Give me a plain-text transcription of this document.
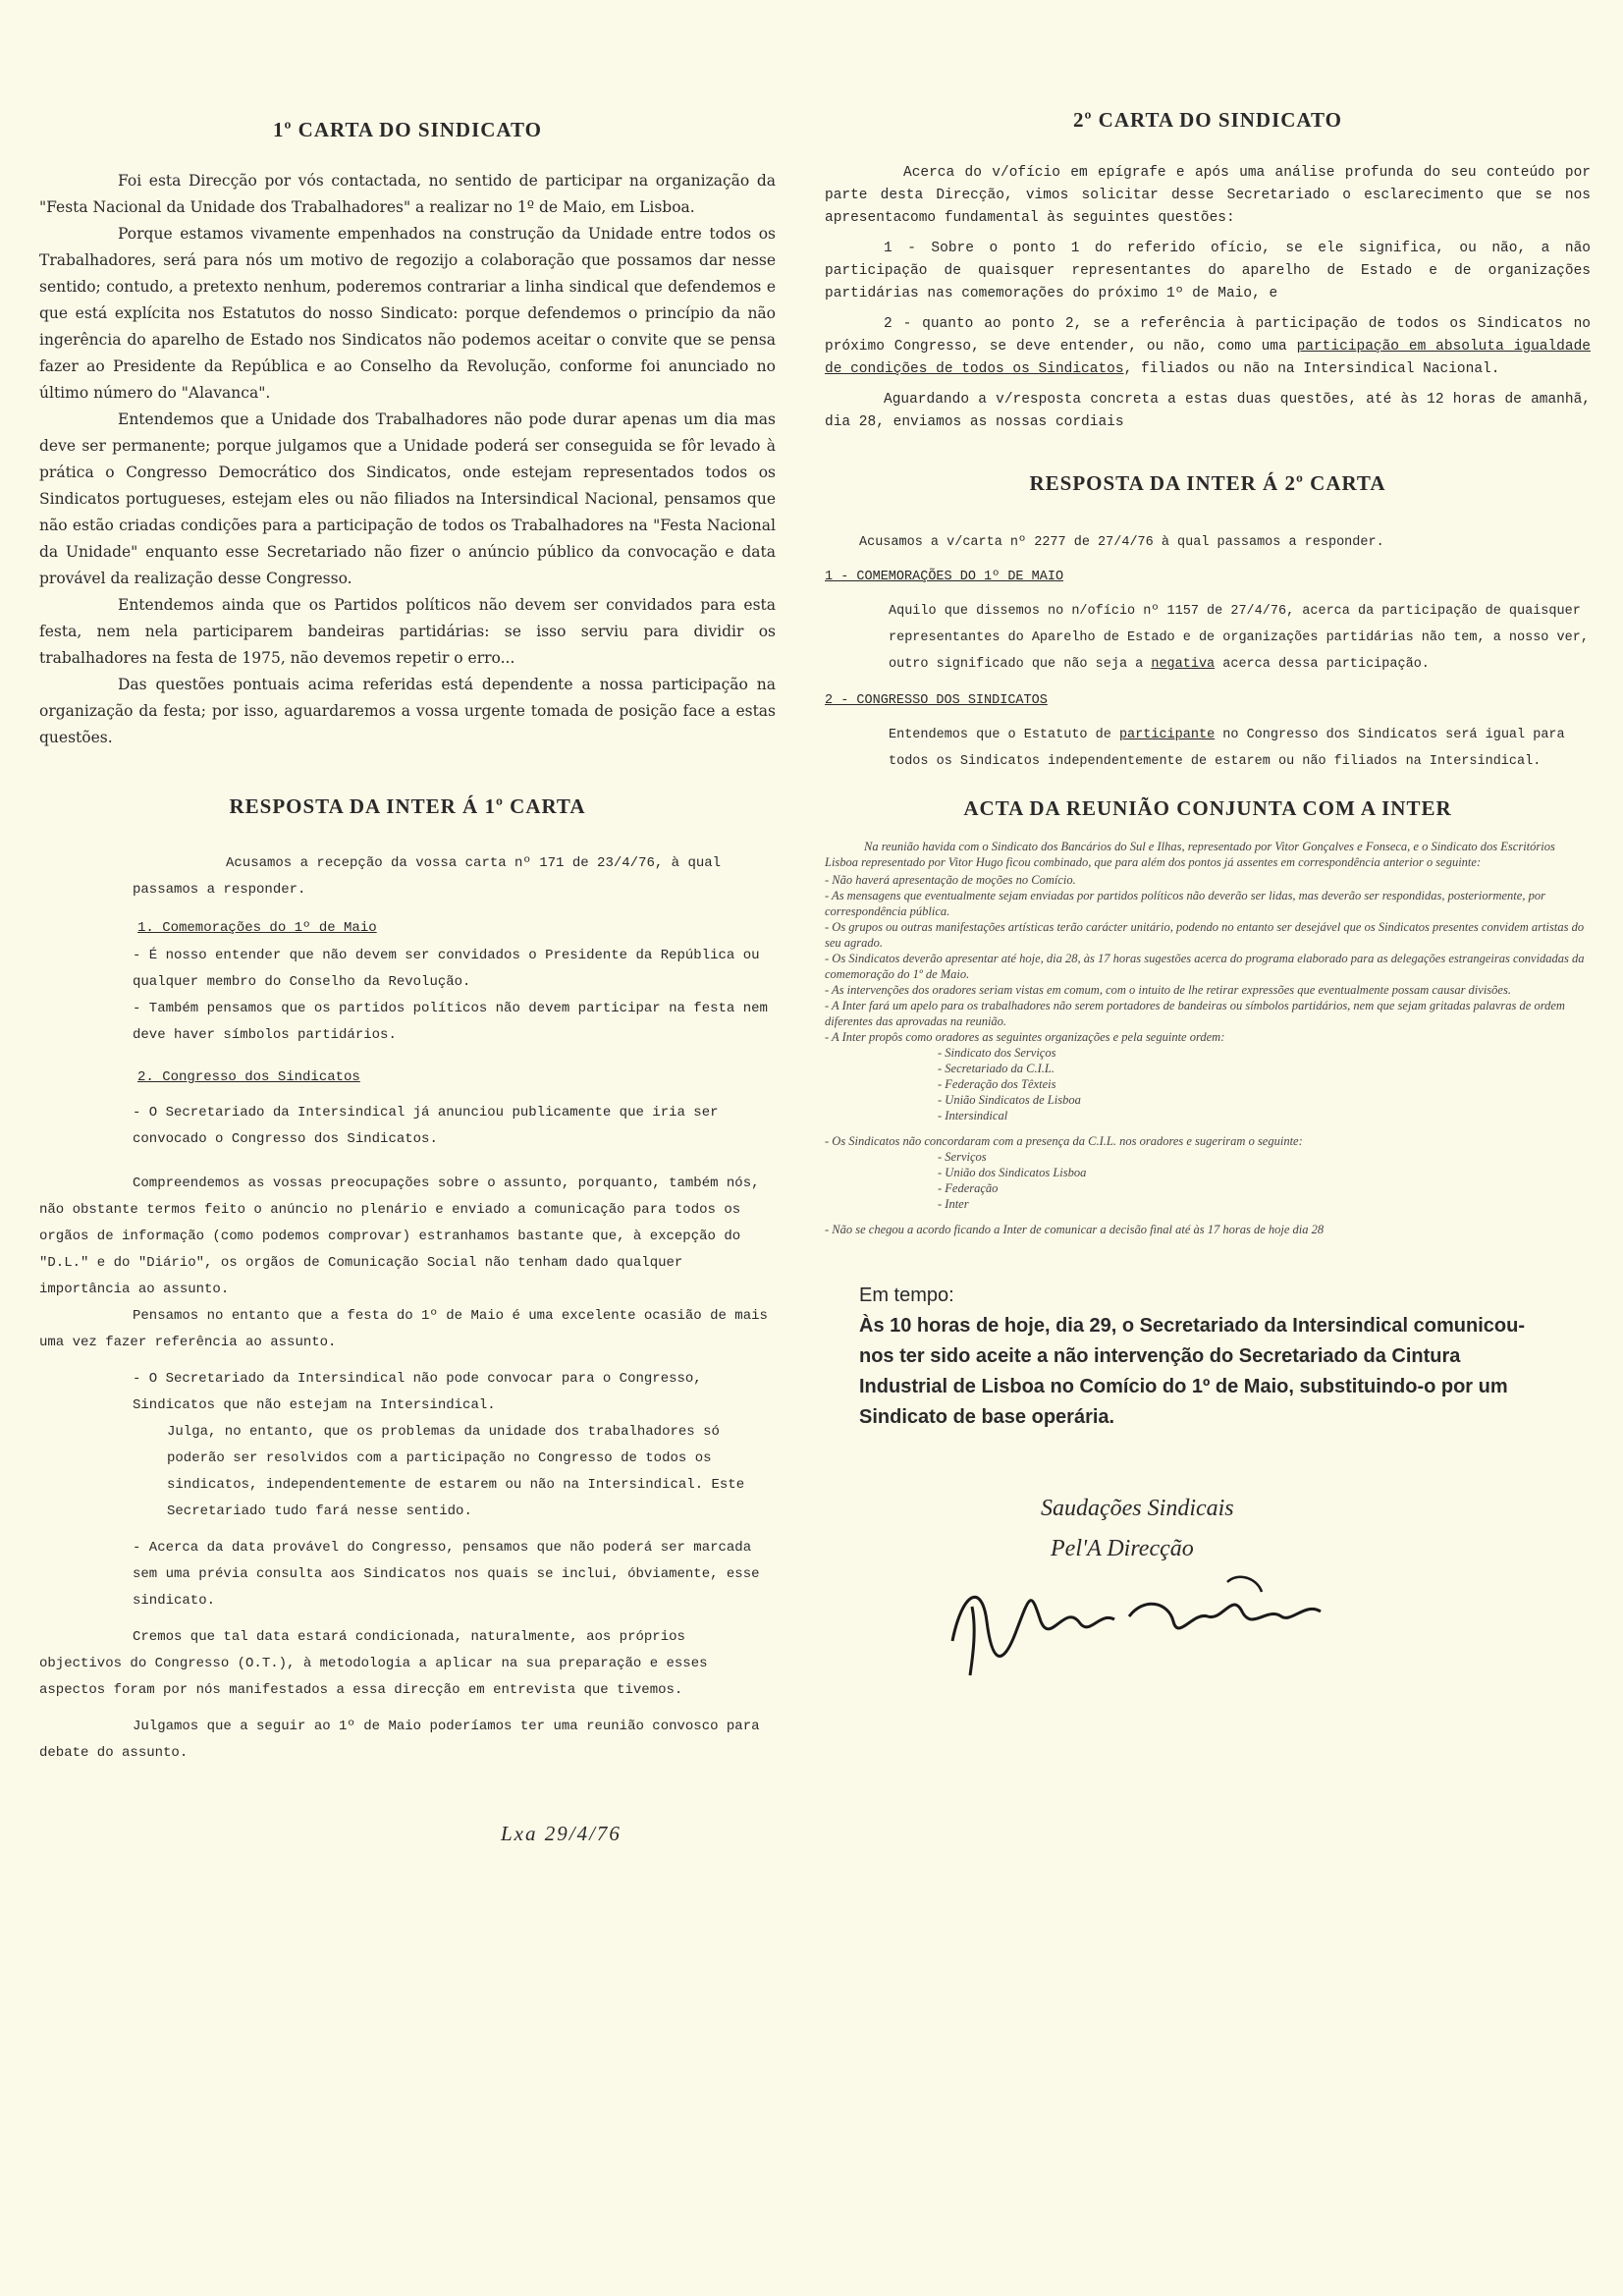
1º CARTA DO SINDICATO

Foi esta Direcção por vós contactada, no sentido de participar na organização da "Festa Nacional da Unidade dos Trabalhadores" a realizar no 1º de Maio, em Lisboa.

Porque estamos vivamente empenhados na construção da Unidade entre todos os Trabalhadores, será para nós um motivo de regozijo a colaboração que possamos dar nesse sentido; contudo, a pretexto nenhum, poderemos contrariar a linha sindical que defendemos e que está explícita nos Estatutos do nosso Sindicato: porque defendemos o princípio da não ingerência do aparelho de Estado nos Sindicatos não podemos aceitar o convite que se pensa fazer ao Presidente da República e ao Conselho da Revolução, conforme foi anunciado no último número do "Alavanca".

Entendemos que a Unidade dos Trabalhadores não pode durar apenas um dia mas deve ser permanente; porque julgamos que a Unidade poderá ser conseguida se fôr levado à prática o Congresso Democrático dos Sindicatos, onde estejam representados todos os Sindicatos portugueses, estejam eles ou não filiados na Intersindical Nacional, pensamos que não estão criadas condições para a participação de todos os Trabalhadores na "Festa Nacional da Unidade" enquanto esse Secretariado não fizer o anúncio público da convocação e data provável da realização desse Congresso.

Entendemos ainda que os Partidos políticos não devem ser convidados para esta festa, nem nela participarem bandeiras partidárias: se isso serviu para dividir os trabalhadores na festa de 1975, não devemos repetir o erro...

Das questões pontuais acima referidas está dependente a nossa participação na organização da festa; por isso, aguardaremos a vossa urgente tomada de posição face a estas questões.

RESPOSTA DA INTER Á 1º CARTA

Acusamos a recepção da vossa carta nº 171 de 23/4/76, à qual passamos a responder.

1. Comemorações do 1º de Maio

- É nosso entender que não devem ser convidados o Presidente da República ou qualquer membro do Conselho da Revolução.

- Também pensamos que os partidos políticos não devem participar na festa nem deve haver símbolos partidários.

2. Congresso dos Sindicatos

- O Secretariado da Intersindical já anunciou publicamente que iria ser convocado o Congresso dos Sindicatos.

Compreendemos as vossas preocupações sobre o assunto, porquanto, também nós, não obstante termos feito o anúncio no plenário e enviado a comunicação para todos os orgãos de informação (como podemos comprovar) estranhamos bastante que, à excepção do "D.L." e do "Diário", os orgãos de Comunicação Social não tenham dado qualquer importância ao assunto.

Pensamos no entanto que a festa do 1º de Maio é uma excelente ocasião de mais uma vez fazer referência ao assunto.

- O Secretariado da Intersindical não pode convocar para o Congresso, Sindicatos que não estejam na Intersindical.

Julga, no entanto, que os problemas da unidade dos trabalhadores só poderão ser resolvidos com a participação no Congresso de todos os sindicatos, independentemente de estarem ou não na Intersindical. Este Secretariado tudo fará nesse sentido.

- Acerca da data provável do Congresso, pensamos que não poderá ser marcada sem uma prévia consulta aos Sindicatos nos quais se inclui, óbviamente, esse sindicato.

Cremos que tal data estará condicionada, naturalmente, aos próprios objectivos do Congresso (O.T.), à metodologia a aplicar na sua preparação e esses aspectos foram por nós manifestados a essa direcção em entrevista que tivemos.

Julgamos que a seguir ao 1º de Maio poderíamos ter uma reunião convosco para debate do assunto.

Lxa 29/4/76
2º CARTA DO SINDICATO

Acerca do v/ofício em epígrafe e após uma análise profunda do seu conteúdo por parte desta Direcção, vimos solicitar desse Secretariado o esclarecimento que se nos apresentacomo fundamental às seguintes questões:

1 - Sobre o ponto 1 do referido ofício, se ele significa, ou não, a não participação de quaisquer representantes do aparelho de Estado e de organizações partidárias nas comemorações do próximo 1º de Maio, e

2 - quanto ao ponto 2, se a referência à participação de todos os Sindicatos no próximo Congresso, se deve entender, ou não, como uma participação em absoluta igualdade de condições de todos os Sindicatos, filiados ou não na Intersindical Nacional.

Aguardando a v/resposta concreta a estas duas questões, até às 12 horas de amanhã, dia 28, enviamos as nossas cordiais

RESPOSTA DA INTER Á 2º CARTA

Acusamos a v/carta nº 2277 de 27/4/76 à qual passamos a responder.

1 - COMEMORAÇÕES DO 1º DE MAIO

Aquilo que dissemos no n/ofício nº 1157 de 27/4/76, acerca da participação de quaisquer representantes do Aparelho de Estado e de organizações partidárias não tem, a nosso ver, outro significado que não seja a negativa acerca dessa participação.

2 - CONGRESSO DOS SINDICATOS

Entendemos que o Estatuto de participante no Congresso dos Sindicatos será igual para todos os Sindicatos independentemente de estarem ou não filiados na Intersindical.

ACTA DA REUNIÃO CONJUNTA COM A INTER

Na reunião havida com o Sindicato dos Bancários do Sul e Ilhas, representado por Vitor Gonçalves e Fonseca, e o Sindicato dos Escritórios Lisboa representado por Vitor Hugo ficou combinado, que para além dos pontos já assentes em correspondência anterior o seguinte:

- Não haverá apresentação de moções no Comício.

- As mensagens que eventualmente sejam enviadas por partidos políticos não deverão ser lidas, mas deverão ser respondidas, posteriormente, por correspondência pública.

- Os grupos ou outras manifestações artísticas terão carácter unitário, podendo no entanto ser desejável que os Sindicatos presentes convidem artistas do seu agrado.

- Os Sindicatos deverão apresentar até hoje, dia 28, às 17 horas sugestões acerca do programa elaborado para as delegações estrangeiras convidadas da comemoração do 1º de Maio.

- As intervenções dos oradores seriam vistas em comum, com o intuito de lhe retirar expressões que eventualmente possam causar divisões.

- A Inter fará um apelo para os trabalhadores não serem portadores de bandeiras ou símbolos partidários, nem que sejam gritadas palavras de ordem diferentes das aprovadas na reunião.

- A Inter propôs como oradores as seguintes organizações e pela seguinte ordem:

- Sindicato dos Serviços

- Secretariado da C.I.L.

- Federação dos Têxteis

- União Sindicatos de Lisboa

- Intersindical

- Os Sindicatos não concordaram com a presença da C.I.L. nos oradores e sugeriram o seguinte:

- Serviços

- União dos Sindicatos Lisboa

- Federação

- Inter

- Não se chegou a acordo ficando a Inter de comunicar a decisão final até às 17 horas de hoje dia 28

Em tempo:
Às 10 horas de hoje, dia 29, o Secretariado da Intersindical comunicou-nos ter sido aceite a não intervenção do Secretariado da Cintura Industrial de Lisboa no Comício do 1º de Maio, substituindo-o por um Sindicato de base operária.
Saudações Sindicais
Pel'A Direcção
